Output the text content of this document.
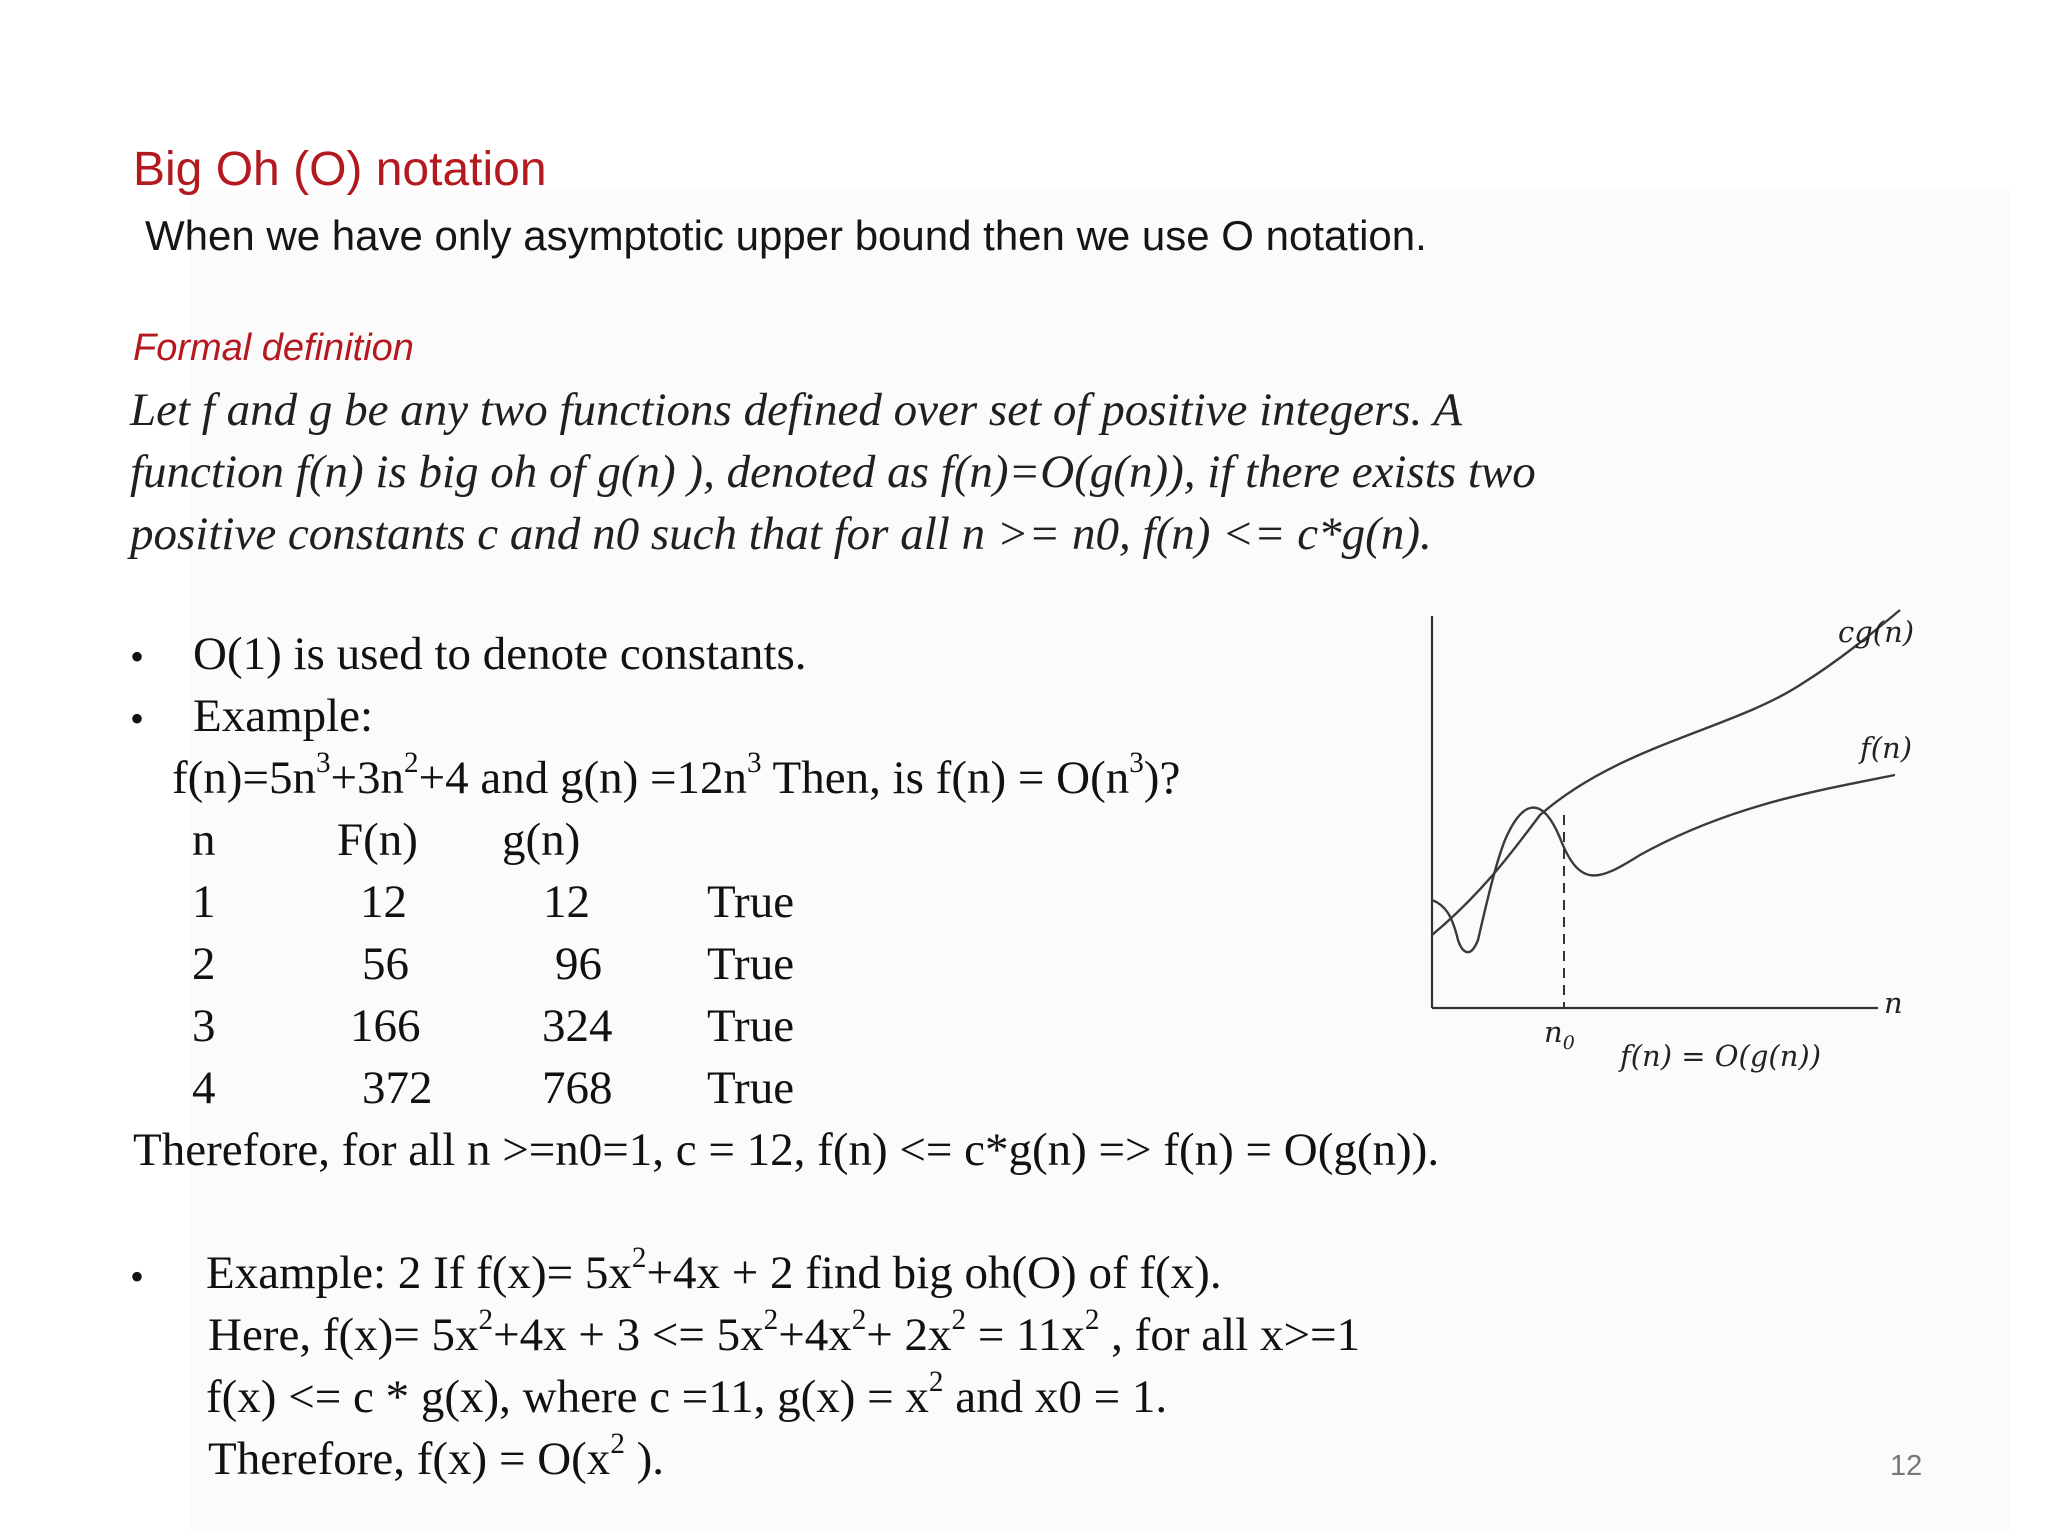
Big Oh (O) notation
When we have only asymptotic upper bound then we use O notation.
Formal definition
Let f and g be any two functions defined over set of positive integers. A
function f(n) is big oh of g(n) ), denoted as f(n)=O(g(n)), if there exists two
positive constants c and n0 such that for all n >= n0, f(n) <= c*g(n).
• O(1) is used to denote constants.
• Example:
$f(n)=5n^3+3n^2+4$ and $g(n) =12n^3$ Then, is $f(n) = O(n^3)$?
n	F(n) g(n)
1	12	12 True
2	56	96 True
3	166	324 True
4	372 768 True
Therefore, for all n >=n0=1, c = 12, f(n) <= c*g(n) => f(n) = O(g(n)).
• Example: 2 If $f(x)= 5x^2+4x + 2$ find big oh(O) of f(x).
Here, $f(x)= 5x^2+4x + 3 <= 5x^2+4x^2+ 2x^2 = 11x^2$ , for all x>=1
f(x) <= c * g(x), where c =11, $g(x) = x^2$ and x0 = 1.
Therefore, $f(x) = O(x^2$ ).
cg(n)
f(n)
n
$n_0$ f(n) = O(g(n))
12
